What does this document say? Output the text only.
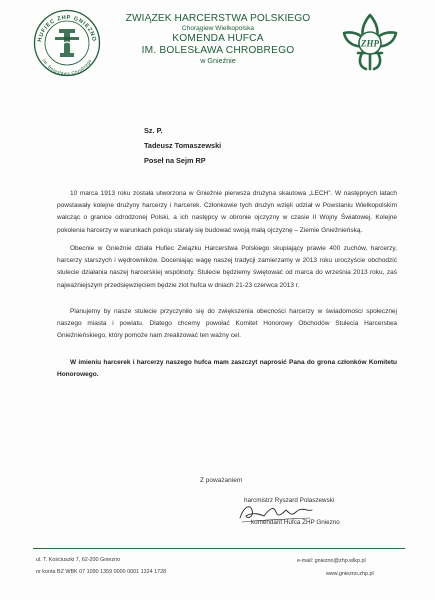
HUFIEC ZHP GNIEZNO
im. Bolesława Chrobrego
ZWIĄZEK HARCERSTWA POLSKIEGO
Chorągiew Wielkopolska
KOMENDA HUFCA
IM. BOLESŁAWA CHROBREGO
w Gnieźnie
ZHP
Sz. P.
Tadeusz Tomaszewski
Poseł na Sejm RP

10 marca 1913 roku została utworzona w Gnieźnie pierwsza drużyna skautowa „LECH”. W następnych latach powstawały kolejne drużyny harcerzy i harcerek. Członkowie tych drużyn wzięli udział w Powstaniu Wielkopolskim walcząc o granice odrodzonej Polski, a ich następcy w obronie ojczyzny w czasie II Wojny Światowej. Kolejne pokolenia harcerzy w warunkach pokoju starały się budować swoją małą ojczyznę – Ziemie Gnieźnieńską.

Obecnie w Gnieźnie działa Hufiec Związku Harcerstwa Polskiego skupiający prawie 400 zuchów, harcerzy, harcerzy starszych i wędrowników. Doceniając wagę naszej tradycji zamierzamy w 2013 roku uroczyście obchodzić stulecie działania naszej harcerskiej wspólnoty. Stulecie będziemy świętować od marca do września 2013 roku, zaś najważniejszym przedsięwzięciem będzie zlot hufca w dniach 21-23 czerwca 2013 r.

Planujemy by nasze stulecie przyczyniło się do zwiększenia obecności harcerzy w świadomości społecznej naszego miasta i powiatu. Dlatego chcemy powołać Komitet Honorowy Obchodów Stulecia Harcerstwa Gnieźnieńskiego, który pomoże nam zrealizować ten ważny cel.

W imieniu harcerek i harcerzy naszego hufca mam zaszczyt naprosić Pana do grona członków Komitetu Honorowego.

Z poważaniem
harcmistrz Ryszard Polaszewski
komendant Hufca ZHP Gniezno
ul. T. Kościuszki 7, 62-200 Gniezno
nr konta BZ WBK 07 1090 1359 0000 0001 1324 1728
e-mail: gniezno@zhp.wlkp.pl
www.gniezno.zhp.pl
